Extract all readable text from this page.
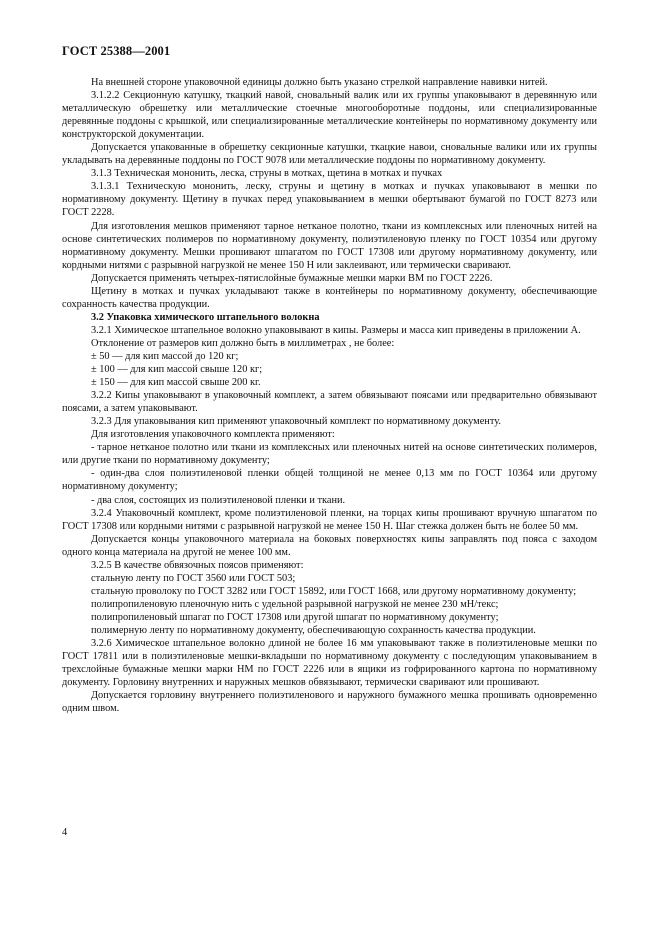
ГОСТ 25388—2001

На внешней стороне упаковочной единицы должно быть указано стрелкой направление навивки нитей.

3.1.2.2 Секционную катушку, ткацкий навой, сновальный валик или их группы упаковывают в деревянную или металлическую обрешетку или металлические стоечные многооборотные поддоны, или специализированные деревянные поддоны с крышкой, или специализированные металлические контейнеры по нормативному документу или конструкторской документации.

Допускается упакованные в обрешетку секционные катушки, ткацкие навои, сновальные валики или их группы укладывать на деревянные поддоны по ГОСТ 9078 или металлические поддоны по нормативному документу.

3.1.3 Техническая мононить, леска, струны в мотках, щетина в мотках и пучках

3.1.3.1 Техническую мононить, леску, струны и щетину в мотках и пучках упаковывают в мешки по нормативному документу. Щетину в пучках перед упаковыванием в мешки обертывают бумагой по ГОСТ 8273 или ГОСТ 2228.

Для изготовления мешков применяют тарное нетканое полотно, ткани из комплексных или пленочных нитей на основе синтетических полимеров по нормативному документу, полиэтиленовую пленку по ГОСТ 10354 или другому нормативному документу. Мешки прошивают шпагатом по ГОСТ 17308 или другому нормативному документу, или кордными нитями с разрывной нагрузкой не менее 150 Н или заклеивают, или термически сваривают.

Допускается применять четырех-пятислойные бумажные мешки марки ВМ по ГОСТ 2226.

Щетину в мотках и пучках укладывают также в контейнеры по нормативному документу, обеспечивающие сохранность качества продукции.

3.2 Упаковка химического штапельного волокна

3.2.1 Химическое штапельное волокно упаковывают в кипы. Размеры и масса кип приведены в приложении А.

Отклонение от размеров кип должно быть в миллиметрах , не более:

± 50 — для кип массой до 120 кг;

± 100 — для кип массой свыше 120 кг;

± 150 — для кип массой свыше 200 кг.

3.2.2 Кипы упаковывают в упаковочный комплект, а затем обвязывают поясами или предварительно обвязывают поясами, а затем упаковывают.

3.2.3 Для упаковывания кип применяют упаковочный комплект по нормативному документу.

Для изготовления упаковочного комплекта применяют:

- тарное нетканое полотно или ткани из комплексных или пленочных нитей на основе синтетических полимеров, или другие ткани по нормативному документу;

- один-два слоя полиэтиленовой пленки общей толщиной не менее 0,13 мм по ГОСТ 10364 или другому нормативному документу;

- два слоя, состоящих из полиэтиленовой пленки и ткани.

3.2.4 Упаковочный комплект, кроме полиэтиленовой пленки, на торцах кипы прошивают вручную шпагатом по ГОСТ 17308 или кордными нитями с разрывной нагрузкой не менее 150 Н. Шаг стежка должен быть не более 50 мм.

Допускается концы упаковочного материала на боковых поверхностях кипы заправлять под пояса с заходом одного конца материала на другой не менее 100 мм.

3.2.5 В качестве обвязочных поясов применяют:

стальную ленту по ГОСТ 3560 или ГОСТ 503;

стальную проволоку по ГОСТ 3282 или ГОСТ 15892, или ГОСТ 1668, или другому нормативному документу;

полипропиленовую пленочную нить с удельной разрывной нагрузкой не менее 230 мН/текс;

полипропиленовый шпагат по ГОСТ 17308 или другой шпагат по нормативному документу;

полимерную ленту по нормативному документу, обеспечивающую сохранность качества продукции.

3.2.6 Химическое штапельное волокно длиной не более 16 мм упаковывают также в полиэтиленовые мешки по ГОСТ 17811 или в полиэтиленовые мешки-вкладыши по нормативному документу с последующим упаковыванием в трехслойные бумажные мешки марки НМ по ГОСТ 2226 или в ящики из гофрированного картона по нормативному документу. Горловину внутренних и наружных мешков обвязывают, термически сваривают или прошивают.

Допускается горловину внутреннего полиэтиленового и наружного бумажного мешка прошивать одновременно одним швом.

4
